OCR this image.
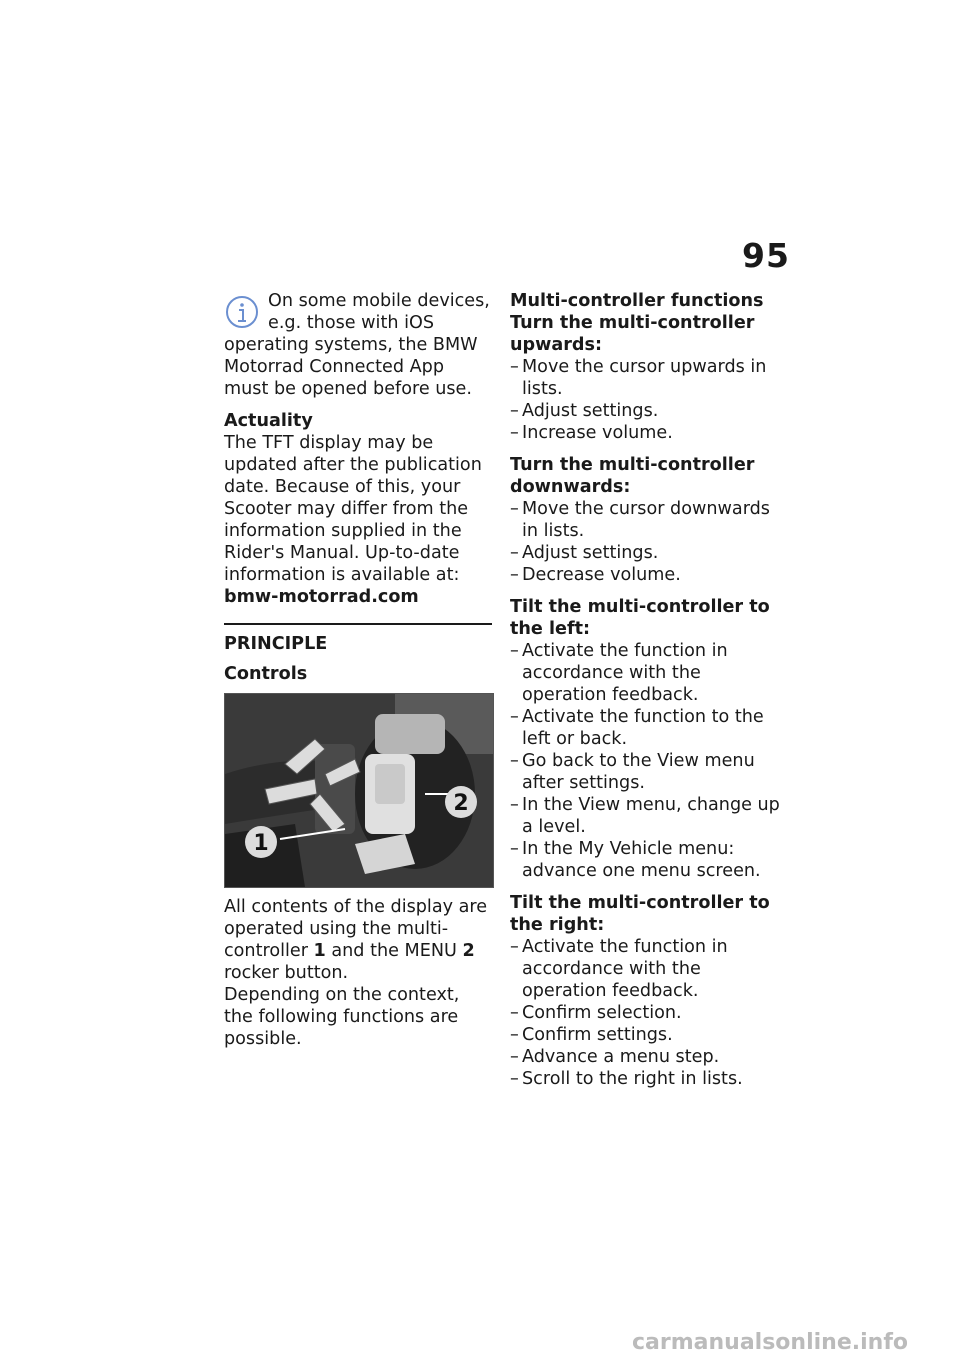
95

On some mobile devices,

e.g. those with iOS

operating systems, the BMW Motorrad Connected App must be opened before use.

Actuality

The TFT display may be updated after the publication date. Because of this, your Scooter may differ from the information supplied in the Rider's Manual. Up-to-date information is available at:

bmw-motorrad.com

PRINCIPLE

Controls

1
2

All contents of the display are operated using the multi-controller 1 and the MENU 2 rocker button.

Depending on the context, the following functions are possible.

Multi-controller functions

Turn the multi-controller upwards:

– Move the cursor upwards in lists.
– Adjust settings.
– Increase volume.

Turn the multi-controller downwards:

– Move the cursor downwards in lists.
– Adjust settings.
– Decrease volume.

Tilt the multi-controller to the left:

– Activate the function in accordance with the operation feedback.
– Activate the function to the left or back.
– Go back to the View menu after settings.
– In the View menu, change up a level.
– In the My Vehicle menu: advance one menu screen.

Tilt the multi-controller to the right:

– Activate the function in accordance with the operation feedback.
– Confirm selection.
– Confirm settings.
– Advance a menu step.
– Scroll to the right in lists.
carmanualsonline.info
